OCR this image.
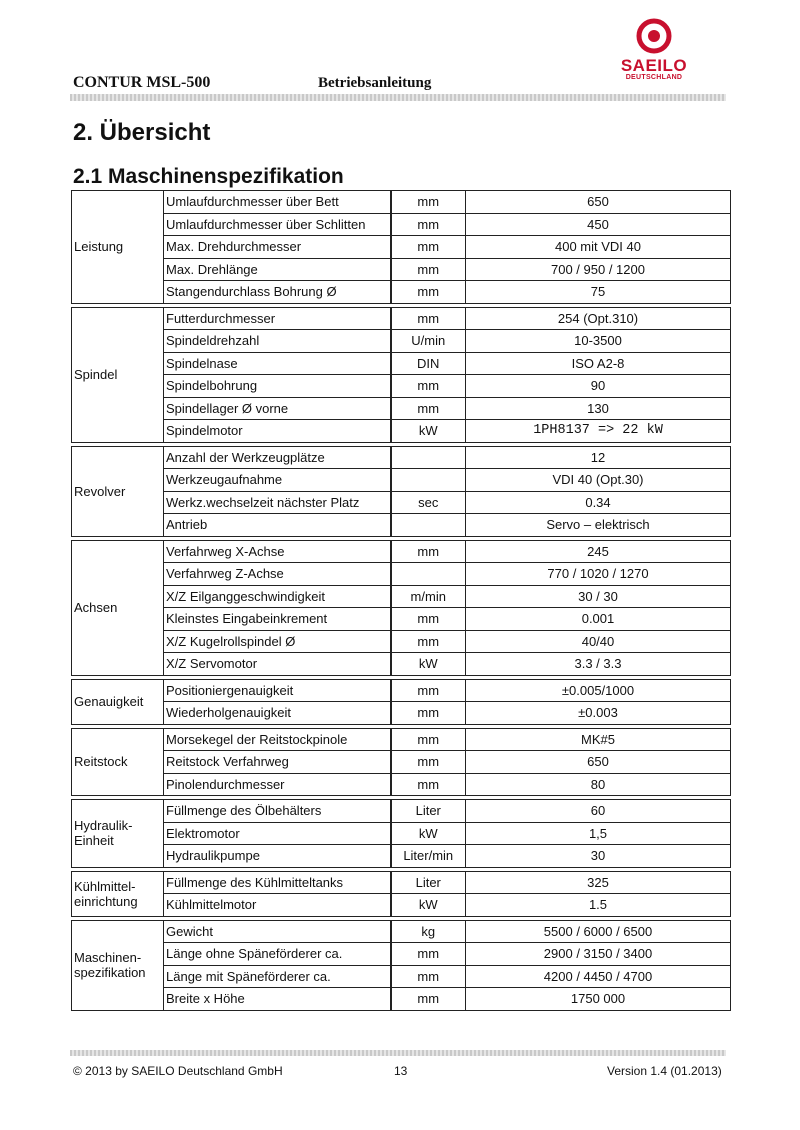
CONTUR MSL-500	Betriebsanleitung
SAEILO
DEUTSCHLAND
2. Übersicht
2.1 Maschinenspezifikation
Leistung	Umlaufdurchmesser über Bett	mm	650
	Umlaufdurchmesser über Schlitten	mm	450
	Max. Drehdurchmesser	mm	400 mit VDI 40
	Max. Drehlänge	mm	700 / 950 / 1200
	Stangendurchlass Bohrung Ø	mm	75

Spindel	Futterdurchmesser	mm	254 (Opt.310)
	Spindeldrehzahl	U/min	10-3500
	Spindelnase	DIN	ISO A2-8
	Spindelbohrung	mm	90
	Spindellager Ø vorne	mm	130
	Spindelmotor	kW	1PH8137 => 22 kW

Revolver	Anzahl der Werkzeugplätze		12
	Werkzeugaufnahme		VDI 40 (Opt.30)
	Werkz.wechselzeit nächster Platz	sec	0.34
	Antrieb		Servo – elektrisch

Achsen	Verfahrweg X-Achse	mm	245
	Verfahrweg Z-Achse		770 / 1020 / 1270
	X/Z Eilganggeschwindigkeit	m/min	30 / 30
	Kleinstes Eingabeinkrement	mm	0.001
	X/Z Kugelrollspindel Ø	mm	40/40
	X/Z Servomotor	kW	3.3 / 3.3

Genauigkeit	Positioniergenauigkeit	mm	±0.005/1000
	Wiederholgenauigkeit	mm	±0.003

Reitstock	Morsekegel der Reitstockpinole	mm	MK#5
	Reitstock Verfahrweg	mm	650
	Pinolendurchmesser	mm	80

Hydraulik-
Einheit	Füllmenge des Ölbehälters	Liter	60
	Elektromotor	kW	1,5
	Hydraulikpumpe	Liter/min	30

Kühlmittel-
einrichtung	Füllmenge des Kühlmitteltanks	Liter	325
	Kühlmittelmotor	kW	1.5

Maschinen-
spezifikation	Gewicht	kg	5500 / 6000 / 6500
	Länge ohne Späneförderer ca.	mm	2900 / 3150 / 3400
	Länge mit Späneförderer ca.	mm	4200 / 4450 / 4700
	Breite x Höhe	mm	1750 000
© 2013 by SAEILO Deutschland GmbH	13	Version 1.4 (01.2013)
